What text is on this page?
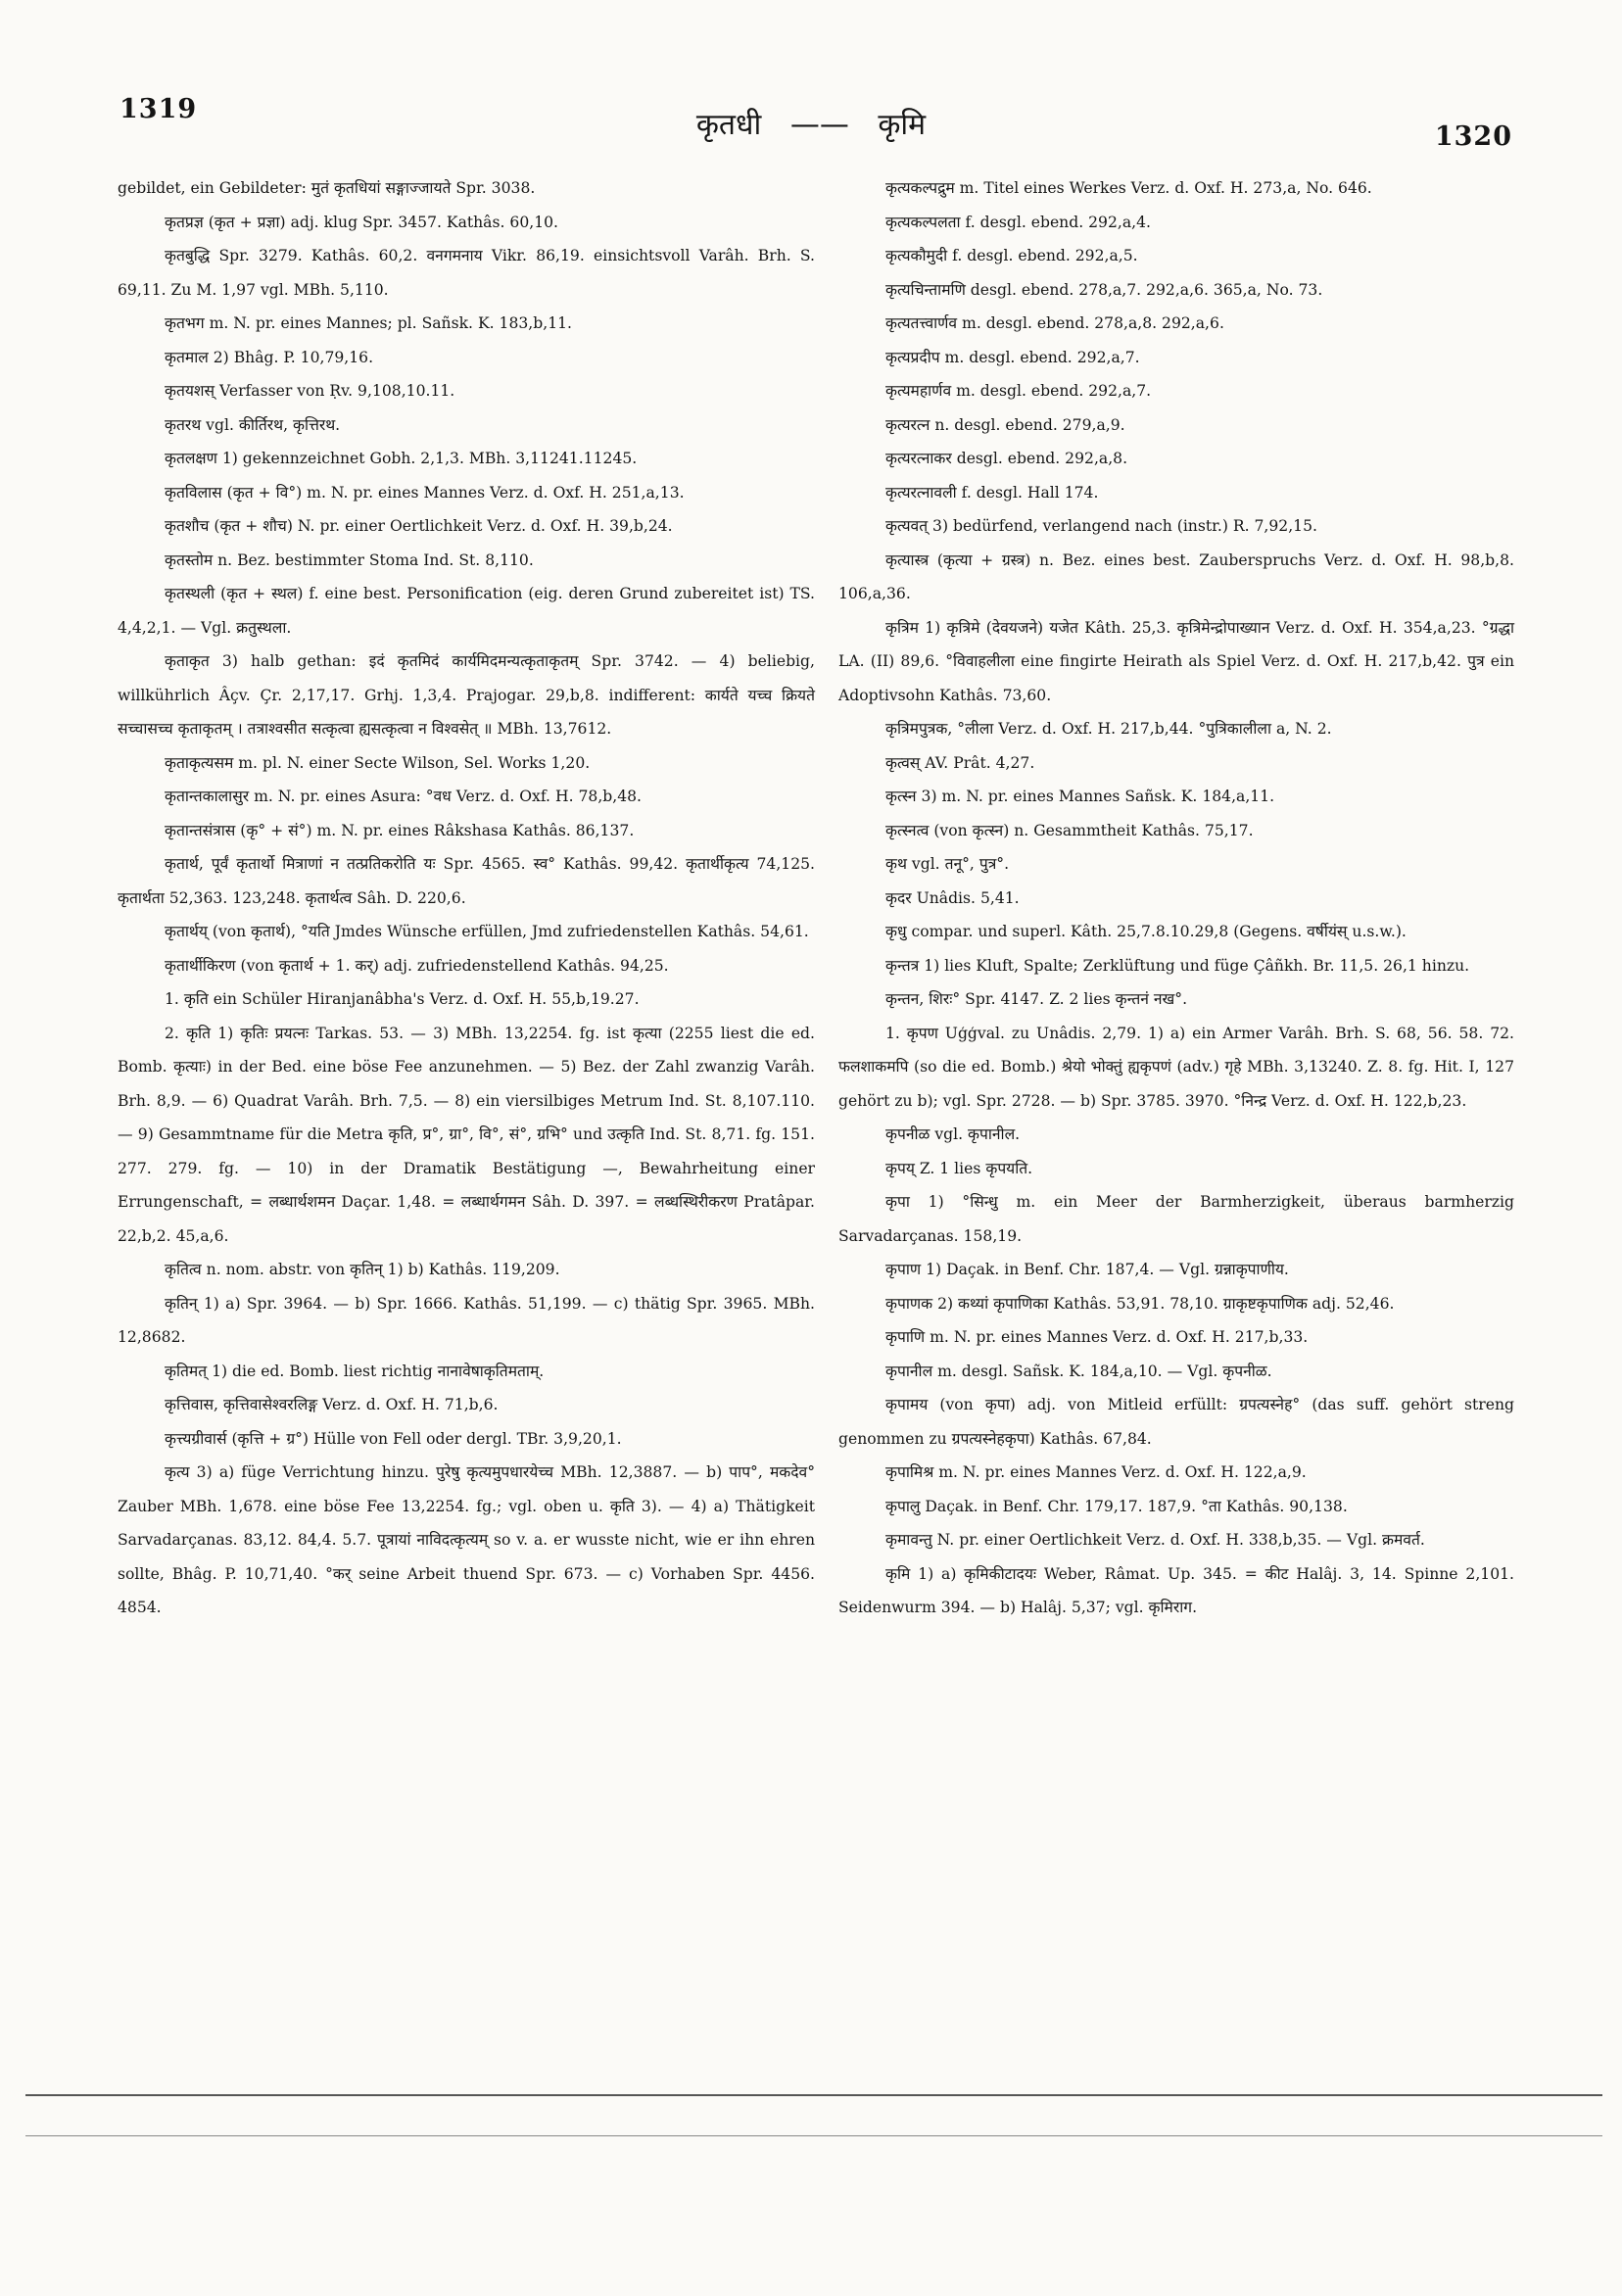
1319
1320
कृतधी —— कृमि

gebildet, ein Gebildeter: मुतं कृतधियां सङ्गाज्जायते Spr. 3038.

कृतप्रज्ञ (कृत + प्रज्ञा) adj. klug Spr. 3457. Kathâs. 60,10.

कृतबुद्धि Spr. 3279. Kathâs. 60,2. वनगमनाय Vikr. 86,19. einsichtsvoll Varâh. Brh. S. 69,11. Zu M. 1,97 vgl. MBh. 5,110.

कृतभग m. N. pr. eines Mannes; pl. Sañsk. K. 183,b,11.

कृतमाल 2) Bhâg. P. 10,79,16.

कृतयशस् Verfasser von Ṛv. 9,108,10.11.

कृतरथ vgl. कीर्तिरथ, कृत्तिरथ.

कृतलक्षण 1) gekennzeichnet Gobh. 2,1,3. MBh. 3,11241.11245.

कृतविलास (कृत + वि°) m. N. pr. eines Mannes Verz. d. Oxf. H. 251,a,13.

कृतशौच (कृत + शौच) N. pr. einer Oertlichkeit Verz. d. Oxf. H. 39,b,24.

कृतस्तोम n. Bez. bestimmter Stoma Ind. St. 8,110.

कृतस्थली (कृत + स्थल) f. eine best. Personification (eig. deren Grund zubereitet ist) TS. 4,4,2,1. — Vgl. क्रतुस्थला.

कृताकृत 3) halb gethan: इदं कृतमिदं कार्यमिदमन्यत्कृताकृतम् Spr. 3742. — 4) beliebig, willkührlich Âçv. Çr. 2,17,17. Grhj. 1,3,4. Prajogar. 29,b,8. indifferent: कार्यते यच्च क्रियते सच्चासच्च कृताकृतम् । तत्राश्वसीत सत्कृत्वा ह्यसत्कृत्वा न विश्वसेत् ॥ MBh. 13,7612.

कृताकृत्यसम m. pl. N. einer Secte Wilson, Sel. Works 1,20.

कृतान्तकालासुर m. N. pr. eines Asura: °वध Verz. d. Oxf. H. 78,b,48.

कृतान्तसंत्रास (कृ° + सं°) m. N. pr. eines Râkshasa Kathâs. 86,137.

कृतार्थ, पूर्वं कृतार्थो मित्राणां न तत्प्रतिकरोति यः Spr. 4565. स्व° Kathâs. 99,42. कृतार्थीकृत्य 74,125. कृतार्थता 52,363. 123,248. कृतार्थत्व Sâh. D. 220,6.

कृतार्थय् (von कृतार्थ), °यति Jmdes Wünsche erfüllen, Jmd zufriedenstellen Kathâs. 54,61.

कृतार्थीकिरण (von कृतार्थ + 1. कर्) adj. zufriedenstellend Kathâs. 94,25.

1. कृति ein Schüler Hiranjanâbha's Verz. d. Oxf. H. 55,b,19.27.

2. कृति 1) कृतिः प्रयत्नः Tarkas. 53. — 3) MBh. 13,2254. fg. ist कृत्या (2255 liest die ed. Bomb. कृत्याः) in der Bed. eine böse Fee anzunehmen. — 5) Bez. der Zahl zwanzig Varâh. Brh. 8,9. — 6) Quadrat Varâh. Brh. 7,5. — 8) ein viersilbiges Metrum Ind. St. 8,107.110. — 9) Gesammtname für die Metra कृति, प्र°, ग्रा°, वि°, सं°, ग्रभि° und उत्कृति Ind. St. 8,71. fg. 151. 277. 279. fg. — 10) in der Dramatik Bestätigung —, Bewahrheitung einer Errungenschaft, = लब्धार्थशमन Daçar. 1,48. = लब्धार्थगमन Sâh. D. 397. = लब्धस्थिरीकरण Pratâpar. 22,b,2. 45,a,6.

कृतित्व n. nom. abstr. von कृतिन् 1) b) Kathâs. 119,209.

कृतिन् 1) a) Spr. 3964. — b) Spr. 1666. Kathâs. 51,199. — c) thätig Spr. 3965. MBh. 12,8682.

कृतिमत् 1) die ed. Bomb. liest richtig नानावेषाकृतिमताम्.

कृत्तिवास, कृत्तिवासेश्वरलिङ्ग Verz. d. Oxf. H. 71,b,6.

कृत्त्यग्रीवार्स (कृत्ति + ग्र°) Hülle von Fell oder dergl. TBr. 3,9,20,1.

कृत्य 3) a) füge Verrichtung hinzu. पुरेषु कृत्यमुपधारयेच्च MBh. 12,3887. — b) पाप°, मकदेव° Zauber MBh. 1,678. eine böse Fee 13,2254. fg.; vgl. oben u. कृति 3). — 4) a) Thätigkeit Sarvadarçanas. 83,12. 84,4. 5.7. पूत्रायां नाविदत्कृत्यम् so v. a. er wusste nicht, wie er ihn ehren sollte, Bhâg. P. 10,71,40. °कर् seine Arbeit thuend Spr. 673. — c) Vorhaben Spr. 4456. 4854.

कृत्यकल्पद्रुम m. Titel eines Werkes Verz. d. Oxf. H. 273,a, No. 646.

कृत्यकल्पलता f. desgl. ebend. 292,a,4.

कृत्यकौमुदी f. desgl. ebend. 292,a,5.

कृत्यचिन्तामणि desgl. ebend. 278,a,7. 292,a,6. 365,a, No. 73.

कृत्यतत्त्वार्णव m. desgl. ebend. 278,a,8. 292,a,6.

कृत्यप्रदीप m. desgl. ebend. 292,a,7.

कृत्यमहार्णव m. desgl. ebend. 292,a,7.

कृत्यरत्न n. desgl. ebend. 279,a,9.

कृत्यरत्नाकर desgl. ebend. 292,a,8.

कृत्यरत्नावली f. desgl. Hall 174.

कृत्यवत् 3) bedürfend, verlangend nach (instr.) R. 7,92,15.

कृत्यास्त्र (कृत्या + ग्रस्त्र) n. Bez. eines best. Zauberspruchs Verz. d. Oxf. H. 98,b,8. 106,a,36.

कृत्रिम 1) कृत्रिमे (देवयजने) यजेत Kâth. 25,3. कृत्रिमेन्द्रोपाख्यान Verz. d. Oxf. H. 354,a,23. °ग्रद्धा LA. (II) 89,6. °विवाहलीला eine fingirte Heirath als Spiel Verz. d. Oxf. H. 217,b,42. पुत्र ein Adoptivsohn Kathâs. 73,60.

कृत्रिमपुत्रक, °लीला Verz. d. Oxf. H. 217,b,44. °पुत्रिकालीला a, N. 2.

कृत्वस् AV. Prât. 4,27.

कृत्स्न 3) m. N. pr. eines Mannes Sañsk. K. 184,a,11.

कृत्स्नत्व (von कृत्स्न) n. Gesammtheit Kathâs. 75,17.

कृथ vgl. तनू°, पुत्र°.

कृदर Unâdis. 5,41.

कृधु compar. und superl. Kâth. 25,7.8.10.29,8 (Gegens. वर्षीयंस् u.s.w.).

कृन्तत्र 1) lies Kluft, Spalte; Zerklüftung und füge Çâñkh. Br. 11,5. 26,1 hinzu.

कृन्तन, शिरः° Spr. 4147. Z. 2 lies कृन्तनं नख°.

1. कृपण Uģģval. zu Unâdis. 2,79. 1) a) ein Armer Varâh. Brh. S. 68, 56. 58. 72. फलशाकमपि (so die ed. Bomb.) श्रेयो भोक्तुं ह्यकृपणं (adv.) गृहे MBh. 3,13240. Z. 8. fg. Hit. I, 127 gehört zu b); vgl. Spr. 2728. — b) Spr. 3785. 3970. °निन्द्र Verz. d. Oxf. H. 122,b,23.

कृपनीळ vgl. कृपानील.

कृपय् Z. 1 lies कृपयति.

कृपा 1) °सिन्धु m. ein Meer der Barmherzigkeit, überaus barmherzig Sarvadarçanas. 158,19.

कृपाण 1) Daçak. in Benf. Chr. 187,4. — Vgl. ग्रन्नाकृपाणीय.

कृपाणक 2) कथ्यां कृपाणिका Kathâs. 53,91. 78,10. ग्राकृष्टकृपाणिक adj. 52,46.

कृपाणि m. N. pr. eines Mannes Verz. d. Oxf. H. 217,b,33.

कृपानील m. desgl. Sañsk. K. 184,a,10. — Vgl. कृपनीळ.

कृपामय (von कृपा) adj. von Mitleid erfüllt: ग्रपत्यस्नेह° (das suff. gehört streng genommen zu ग्रपत्यस्नेहकृपा) Kathâs. 67,84.

कृपामिश्र m. N. pr. eines Mannes Verz. d. Oxf. H. 122,a,9.

कृपालु Daçak. in Benf. Chr. 179,17. 187,9. °ता Kathâs. 90,138.

कृमावन्तु N. pr. einer Oertlichkeit Verz. d. Oxf. H. 338,b,35. — Vgl. क्रमवर्त.

कृमि 1) a) कृमिकीटादयः Weber, Râmat. Up. 345. = कीट Halâj. 3, 14. Spinne 2,101. Seidenwurm 394. — b) Halâj. 5,37; vgl. कृमिराग.
